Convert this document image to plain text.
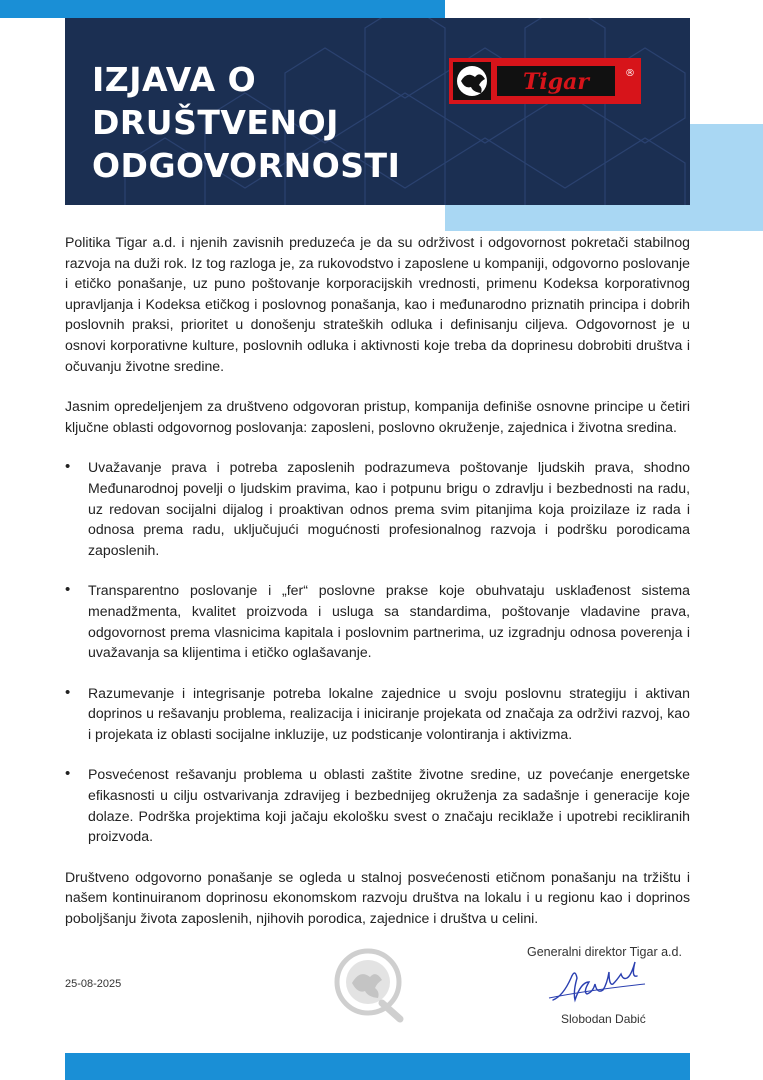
IZJAVA O
DRUŠTVENOJ
ODGOVORNOSTI
Tigar	®

Politika Tigar a.d. i njenih zavisnih preduzeća je da su održivost i odgovornost pokretači stabilnog razvoja na duži rok. Iz tog razloga je, za rukovodstvo i zaposlene u kompaniji, odgovorno poslovanje i etičko ponašanje, uz puno poštovanje korporacijskih vrednosti, primenu Kodeksa korporativnog upravljanja i Kodeksa etičkog i poslovnog ponašanja, kao i međunarodno priznatih principa i dobrih poslovnih praksi, prioritet u donošenju strateških odluka i definisanju ciljeva. Odgovornost je u osnovi korporativne kulture, poslovnih odluka i aktivnosti koje treba da doprinesu dobrobiti društva i očuvanju životne sredine.

Jasnim opredeljenjem za društveno odgovoran pristup, kompanija definiše osnovne principe u četiri ključne oblasti odgovornog poslovanja: zaposleni, poslovno okruženje, zajednica i životna sredina.

• Uvažavanje prava i potreba zaposlenih podrazumeva poštovanje ljudskih prava, shodno Međunarodnoj povelji o ljudskim pravima, kao i potpunu brigu o zdravlju i bezbednosti na radu, uz redovan socijalni dijalog i proaktivan odnos prema svim pitanjima koja proizilaze iz rada i odnosa prema radu, uključujući mogućnosti profesionalnog razvoja i podršku porodicama zaposlenih.
• Transparentno poslovanje i „fer“ poslovne prakse koje obuhvataju usklađenost sistema menadžmenta, kvalitet proizvoda i usluga sa standardima, poštovanje vladavine prava, odgovornost prema vlasnicima kapitala i poslovnim partnerima, uz izgradnju odnosa poverenja i uvažavanja sa klijentima i etičko oglašavanje.
• Razumevanje i integrisanje potreba lokalne zajednice u svoju poslovnu strategiju i aktivan doprinos u rešavanju problema, realizacija i iniciranje projekata od značaja za održivi razvoj, kao i projekata iz oblasti socijalne inkluzije, uz podsticanje volontiranja i aktivizma.
• Posvećenost rešavanju problema u oblasti zaštite životne sredine, uz povećanje energetske efikasnosti u cilju ostvarivanja zdravijeg i bezbednijeg okruženja za sadašnje i generacije koje dolaze. Podrška projektima koji jačaju ekološku svest o značaju reciklaže i upotrebi recikliranih proizvoda.

Društveno odgovorno ponašanje se ogleda u stalnoj posvećenosti etičnom ponašanju na tržištu i našem kontinuiranom doprinosu ekonomskom razvoju društva na lokalu i u regionu kao i doprinos poboljšanju života zaposlenih, njihovih porodica, zajednice i društva u celini.

25-08-2025
Generalni direktor Tigar a.d.
Slobodan Dabić
